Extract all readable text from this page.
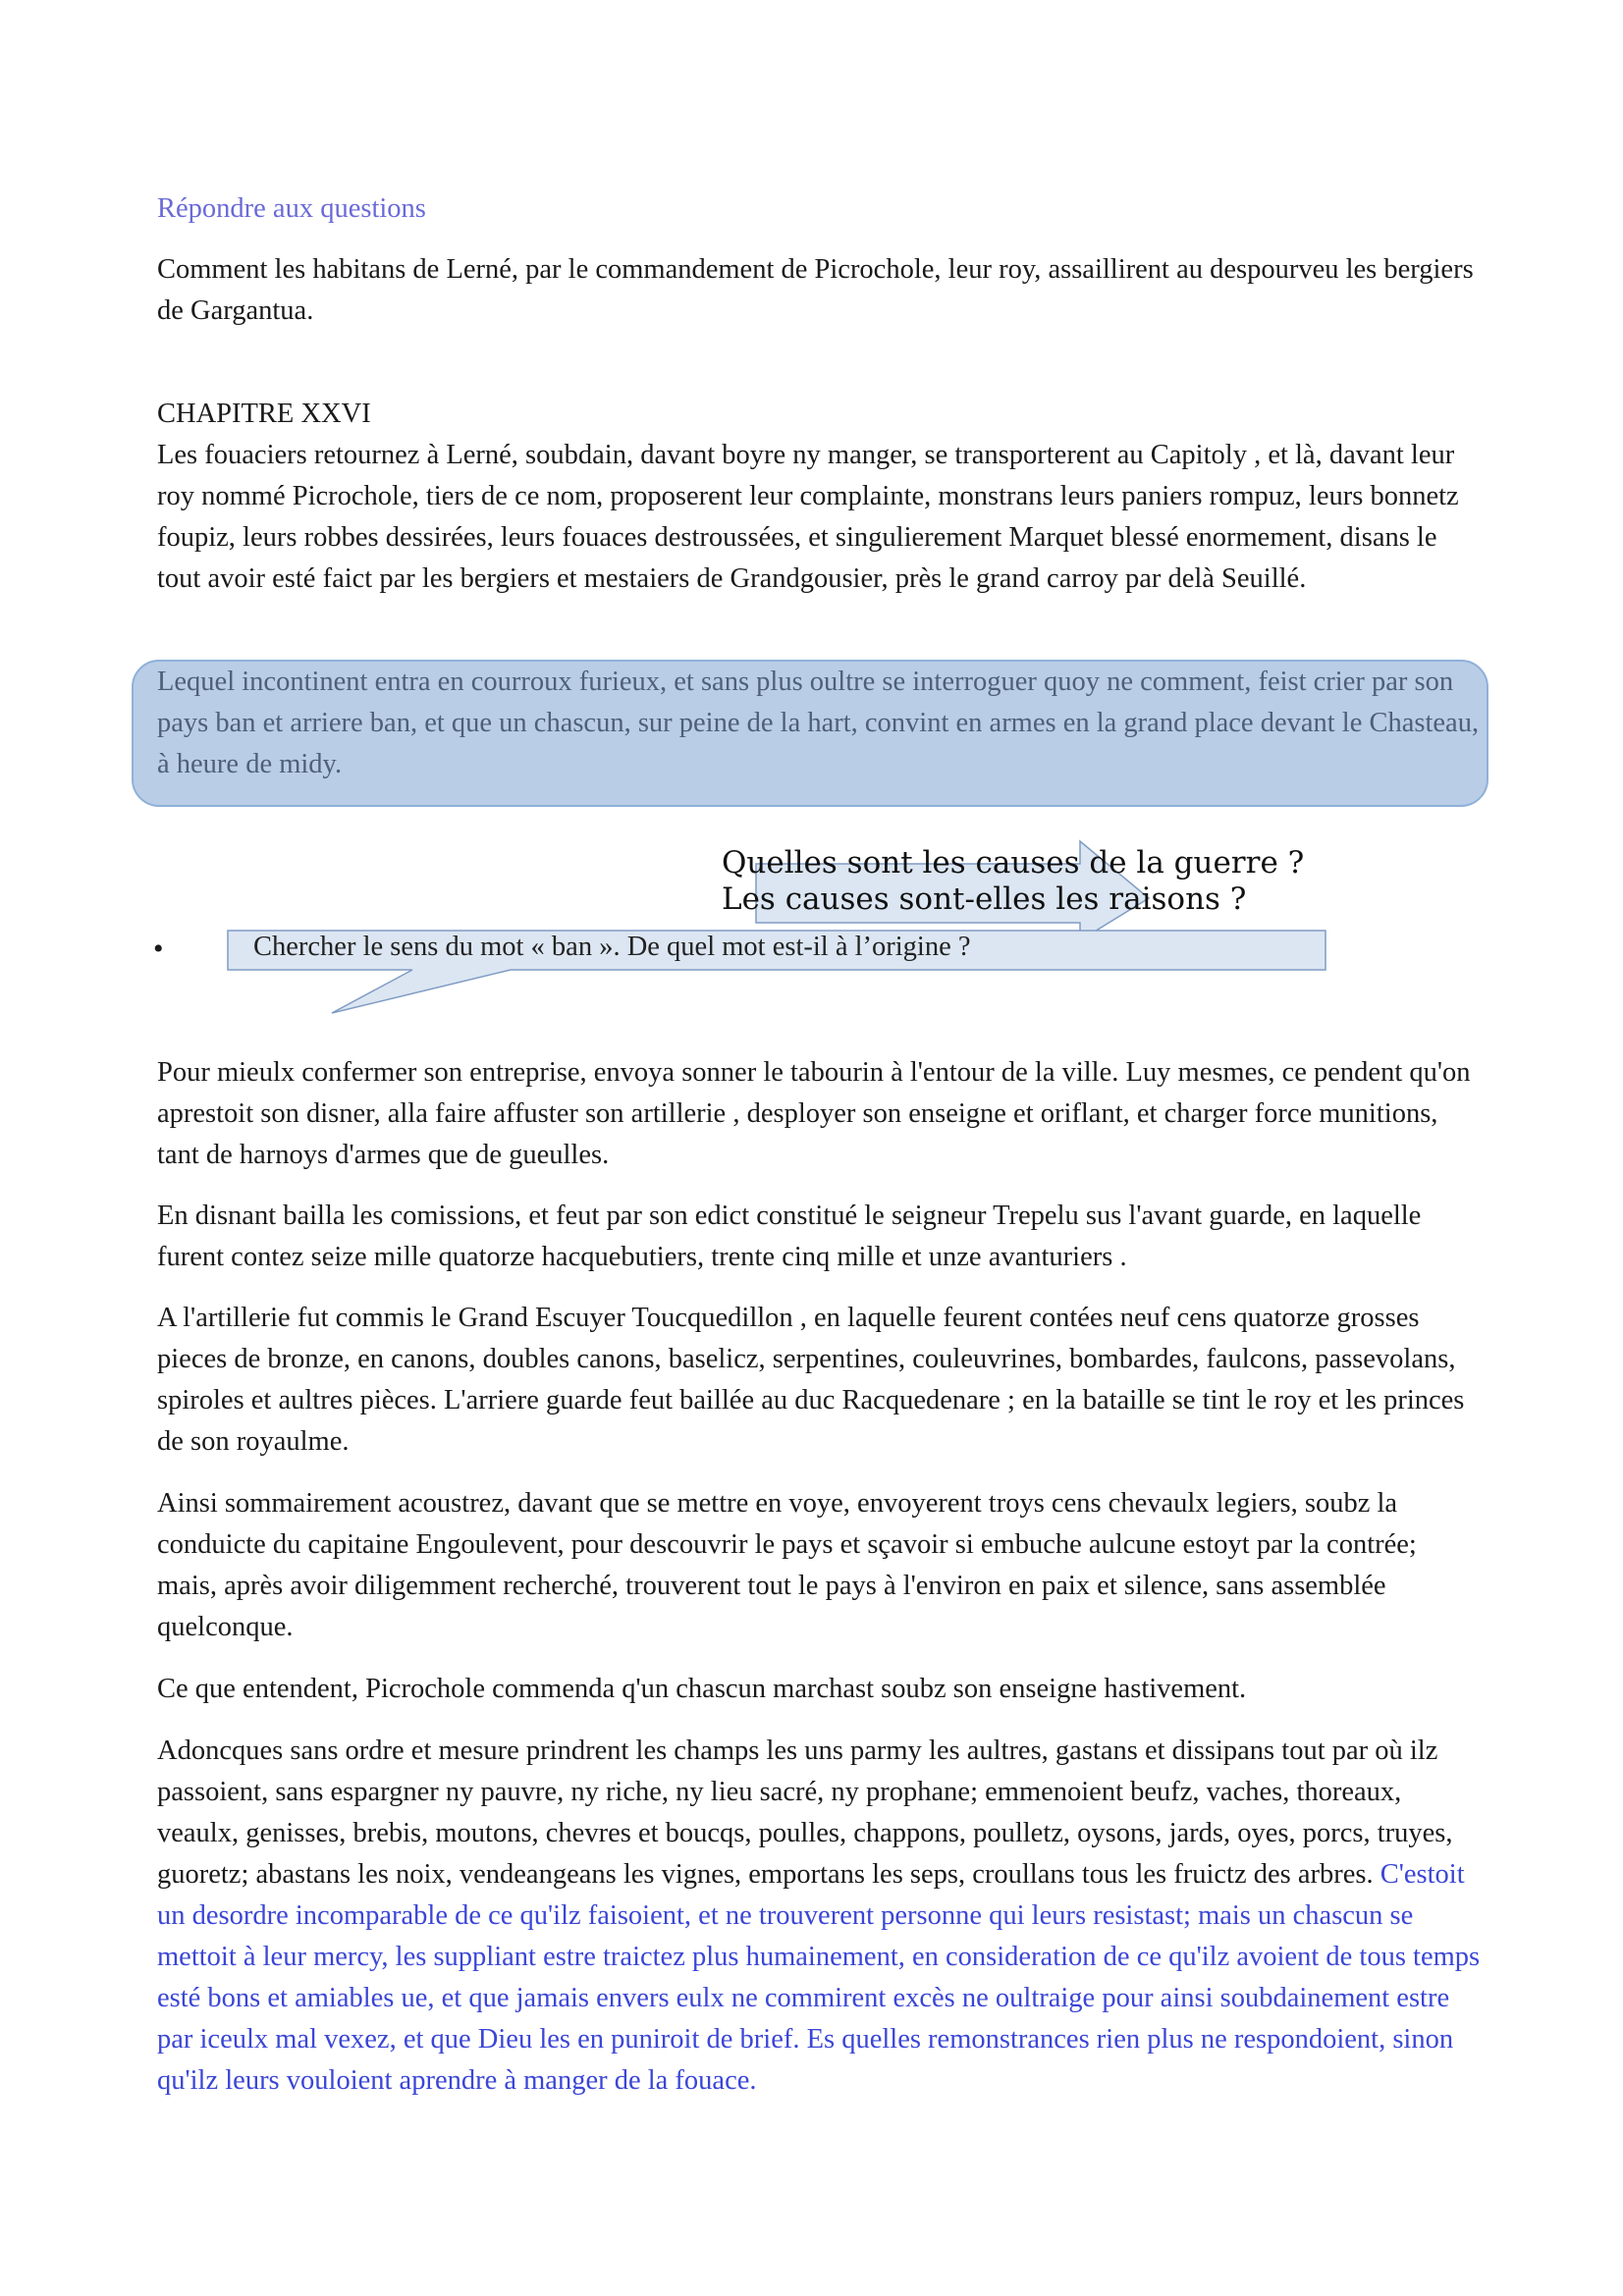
Répondre aux questions

Comment les habitans de Lerné, par le commandement de Picrochole, leur roy, assaillirent au despourveu les bergiers de Gargantua.

CHAPITRE XXVI

Les fouaciers retournez à Lerné, soubdain, davant boyre ny manger, se transporterent au Capitoly , et là, davant leur roy nommé Picrochole, tiers de ce nom, proposerent leur complainte, monstrans leurs paniers rompuz, leurs bonnetz foupiz, leurs robbes dessirées, leurs fouaces destroussées, et singulierement Marquet blessé enormement, disans le tout avoir esté faict par les bergiers et mestaiers de Grandgousier, près le grand carroy par delà Seuillé.

Lequel incontinent entra en courroux furieux, et sans plus oultre se interroguer quoy ne comment, feist crier par son pays ban et arriere ban, et que un chascun, sur peine de la hart, convint en armes en la grand place devant le Chasteau, à heure de midy.

Quelles sont les causes de la guerre ?

Les causes sont-elles les raisons ?

•	Chercher le sens du mot « ban ». De quel mot est-il à l’origine ?

Pour mieulx confermer son entreprise, envoya sonner le tabourin à l'entour de la ville. Luy mesmes, ce pendent qu'on aprestoit son disner, alla faire affuster son artillerie , desployer son enseigne et oriflant, et charger force munitions, tant de harnoys d'armes que de gueulles.

En disnant bailla les comissions, et feut par son edict constitué le seigneur Trepelu sus l'avant guarde, en laquelle furent contez seize mille quatorze hacquebutiers, trente cinq mille et unze avanturiers .

A l'artillerie fut commis le Grand Escuyer Toucquedillon , en laquelle feurent contées neuf cens quatorze grosses pieces de bronze, en canons, doubles canons, baselicz, serpentines, couleuvrines, bombardes, faulcons, passevolans, spiroles et aultres pièces. L'arriere guarde feut baillée au duc Racquedenare ; en la bataille se tint le roy et les princes de son royaulme.

Ainsi sommairement acoustrez, davant que se mettre en voye, envoyerent troys cens chevaulx legiers, soubz la conduicte du capitaine Engoulevent, pour descouvrir le pays et sçavoir si embuche aulcune estoyt par la contrée; mais, après avoir diligemment recherché, trouverent tout le pays à l'environ en paix et silence, sans assemblée quelconque.

Ce que entendent, Picrochole commenda q'un chascun marchast soubz son enseigne hastivement.

Adoncques sans ordre et mesure prindrent les champs les uns parmy les aultres, gastans et dissipans tout par où ilz passoient, sans espargner ny pauvre, ny riche, ny lieu sacré, ny prophane; emmenoient beufz, vaches, thoreaux, veaulx, genisses, brebis, moutons, chevres et boucqs, poulles, chappons, poulletz, oysons, jards, oyes, porcs, truyes, guoretz; abastans les noix, vendeangeans les vignes, emportans les seps, croullans tous les fruictz des arbres. C'estoit un desordre incomparable de ce qu'ilz faisoient, et ne trouverent personne qui leurs resistast; mais un chascun se mettoit à leur mercy, les suppliant estre traictez plus humainement, en consideration de ce qu'ilz avoient de tous temps esté bons et amiables ue, et que jamais envers eulx ne commirent excès ne oultraige pour ainsi soubdainement estre par iceulx mal vexez, et que Dieu les en puniroit de brief. Es quelles remonstrances rien plus ne respondoient, sinon qu'ilz leurs vouloient aprendre à manger de la fouace.
